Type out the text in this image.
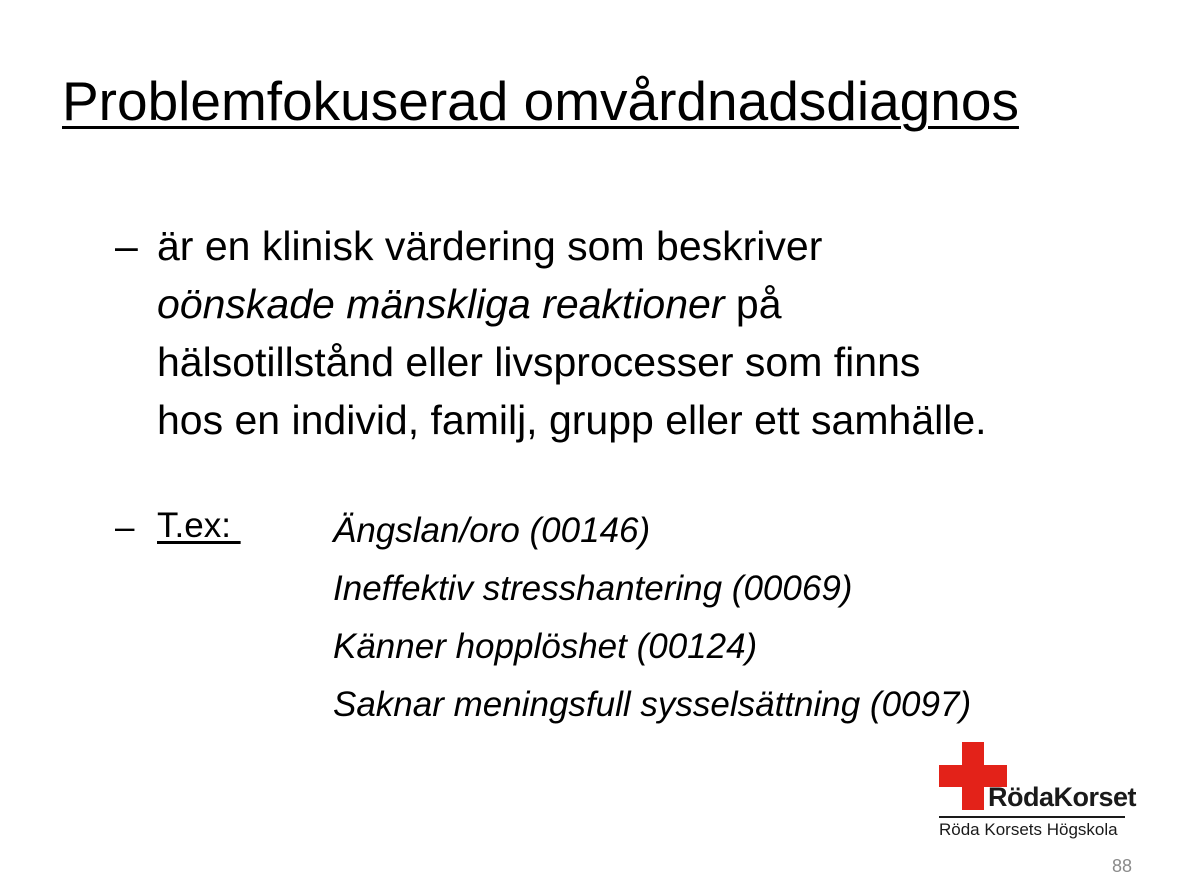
Problemfokuserad omvårdnadsdiagnos
– är en klinisk värdering som beskriver
oönskade mänskliga reaktioner på
hälsotillstånd eller livsprocesser som finns
hos en individ, familj, grupp eller ett samhälle.
– T.ex:	Ängslan/oro (00146)
Ineffektiv stresshantering (00069)
Känner hopplöshet (00124)
Saknar meningsfull sysselsättning (0097)
RödaKorset
Röda Korsets Högskola
88
